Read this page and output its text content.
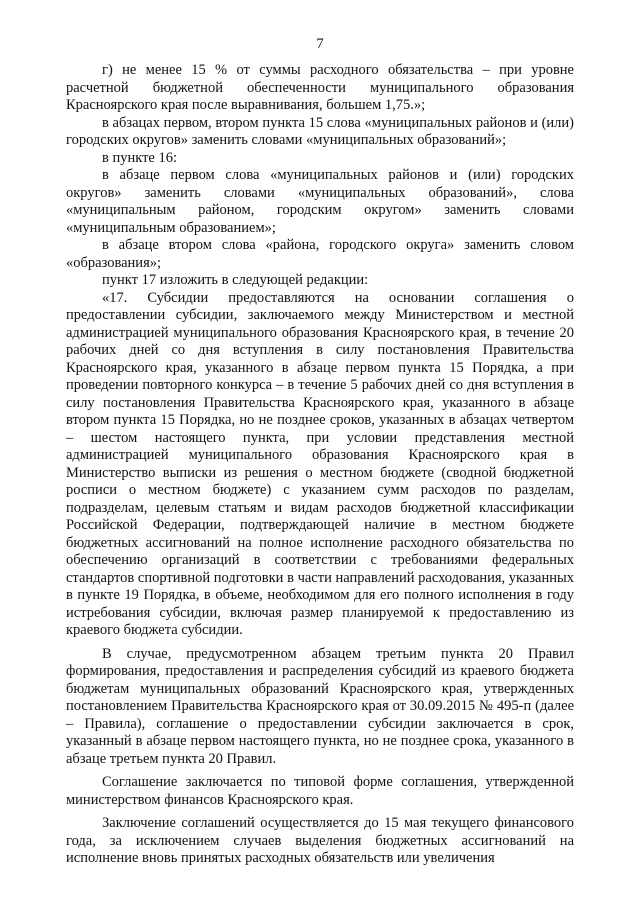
7

г) не менее 15 % от суммы расходного обязательства – при уровне расчетной бюджетной обеспеченности муниципального образования Красноярского края после выравнивания, большем 1,75.»;

в абзацах первом, втором пункта 15 слова «муниципальных районов и (или) городских округов» заменить словами «муниципальных образований»;

в пункте 16:

в абзаце первом слова «муниципальных районов и (или) городских округов» заменить словами «муниципальных образований», слова «муниципальным районом, городским округом» заменить словами «муниципальным образованием»;

в абзаце втором слова «района, городского округа» заменить словом «образования»;

пункт 17 изложить в следующей редакции:

«17. Субсидии предоставляются на основании соглашения о предоставлении субсидии, заключаемого между Министерством и местной администрацией муниципального образования Красноярского края, в течение 20 рабочих дней со дня вступления в силу постановления Правительства Красноярского края, указанного в абзаце первом пункта 15 Порядка, а при проведении повторного конкурса – в течение 5 рабочих дней со дня вступления в силу постановления Правительства Красноярского края, указанного в абзаце втором пункта 15 Порядка, но не позднее сроков, указанных в абзацах четвертом – шестом настоящего пункта, при условии представления местной администрацией муниципального образования Красноярского края в Министерство выписки из решения о местном бюджете (сводной бюджетной росписи о местном бюджете) с указанием сумм расходов по разделам, подразделам, целевым статьям и видам расходов бюджетной классификации Российской Федерации, подтверждающей наличие в местном бюджете бюджетных ассигнований на полное исполнение расходного обязательства по обеспечению организаций в соответствии с требованиями федеральных стандартов спортивной подготовки в части направлений расходования, указанных в пункте 19 Порядка, в объеме, необходимом для его полного исполнения в году истребования субсидии, включая размер планируемой к предоставлению из краевого бюджета субсидии.

В случае, предусмотренном абзацем третьим пункта 20 Правил формирования, предоставления и распределения субсидий из краевого бюджета бюджетам муниципальных образований Красноярского края, утвержденных постановлением Правительства Красноярского края от 30.09.2015 № 495-п (далее – Правила), соглашение о предоставлении субсидии заключается в срок, указанный в абзаце первом настоящего пункта, но не позднее срока, указанного в абзаце третьем пункта 20 Правил.

Соглашение заключается по типовой форме соглашения, утвержденной министерством финансов Красноярского края.

Заключение соглашений осуществляется до 15 мая текущего финансового года, за исключением случаев выделения бюджетных ассигнований на исполнение вновь принятых расходных обязательств или увеличения
